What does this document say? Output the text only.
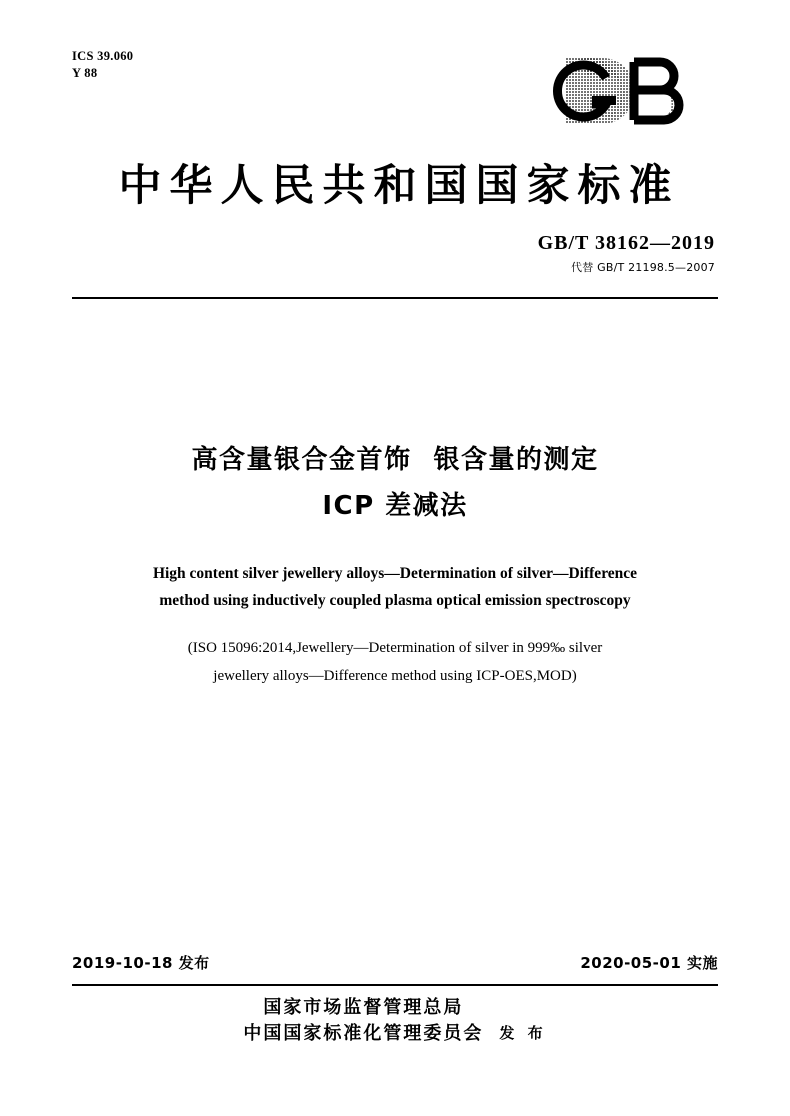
ICS 39.060
Y 88
中华人民共和国国家标准
GB/T 38162—2019
代替 GB/T 21198.5—2007
高含量银合金首饰 银含量的测定
ICP 差减法
High content silver jewellery alloys—Determination of silver—Difference
method using inductively coupled plasma optical emission spectroscopy
(ISO 15096:2014,Jewellery—Determination of silver in 999‰ silver
jewellery alloys—Difference method using ICP-OES,MOD)
2019-10-18 发布	2020-05-01 实施
国家市场监督管理总局
中国国家标准化管理委员会 发 布
